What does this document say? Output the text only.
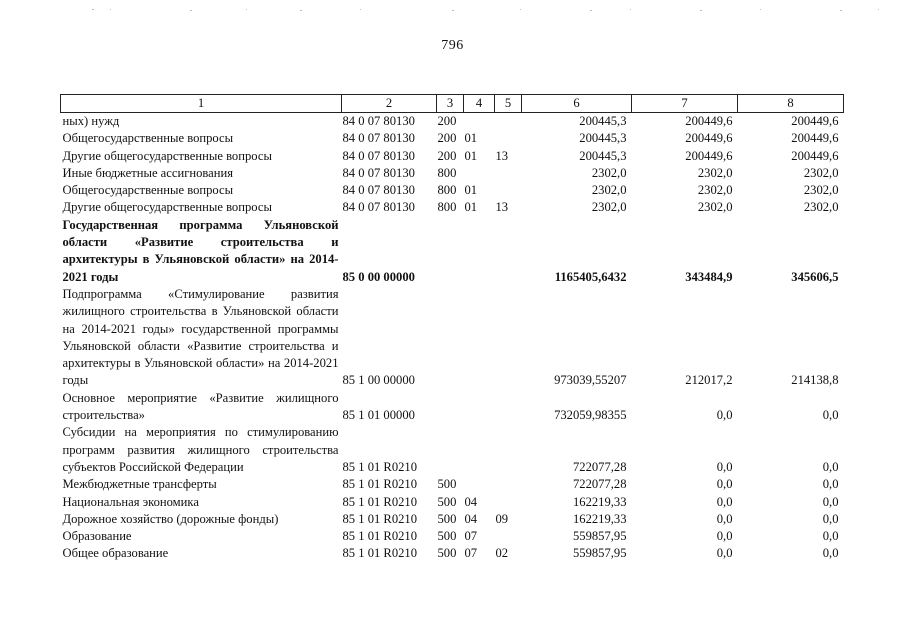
796
1	2	3	4	5	6	7	8
ных) нужд	84 0 07 80130	200			200445,3	200449,6	200449,6
Общегосударственные вопросы	84 0 07 80130	200	01		200445,3	200449,6	200449,6
Другие общегосударственные вопросы	84 0 07 80130	200	01	13	200445,3	200449,6	200449,6
Иные бюджетные ассигнования	84 0 07 80130	800			2302,0	2302,0	2302,0
Общегосударственные вопросы	84 0 07 80130	800	01		2302,0	2302,0	2302,0
Другие общегосударственные вопросы	84 0 07 80130	800	01	13	2302,0	2302,0	2302,0
Государственная программа Ульяновской области «Развитие строительства и архитектуры в Ульяновской области» на 2014-2021 годы	85 0 00 00000				1165405,6432	343484,9	345606,5
Подпрограмма «Стимулирование развития жилищного строительства в Ульяновской области на 2014-2021 годы» государственной программы Ульяновской области «Развитие строительства и архитектуры в Ульяновской области» на 2014-2021 годы	85 1 00 00000				973039,55207	212017,2	214138,8
Основное мероприятие «Развитие жилищного строительства»	85 1 01 00000				732059,98355	0,0	0,0
Субсидии на мероприятия по стимулированию программ развития жилищного строительства субъектов Российской Федерации	85 1 01 R0210				722077,28	0,0	0,0
Межбюджетные трансферты	85 1 01 R0210	500			722077,28	0,0	0,0
Национальная экономика	85 1 01 R0210	500	04		162219,33	0,0	0,0
Дорожное хозяйство (дорожные фонды)	85 1 01 R0210	500	04	09	162219,33	0,0	0,0
Образование	85 1 01 R0210	500	07		559857,95	0,0	0,0
Общее образование	85 1 01 R0210	500	07	02	559857,95	0,0	0,0
